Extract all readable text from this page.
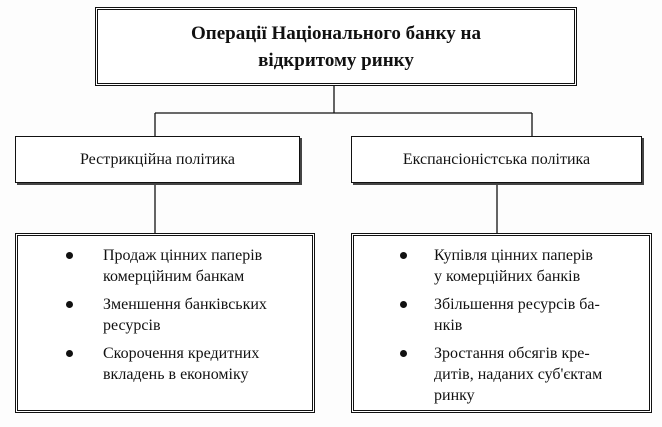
Операції Національного банку на
відкритому ринку
Рестрикційна політика	Експансіоністська політика
Продаж цінних паперів
комерційним банкам
Зменшення банківських
ресурсів
Скорочення кредитних
вкладень в економіку
Купівля цінних паперів
у комерційних банків
Збільшення ресурсів ба-
нків
Зростання обсягів кре-
дитів, наданих суб'єктам
ринку
